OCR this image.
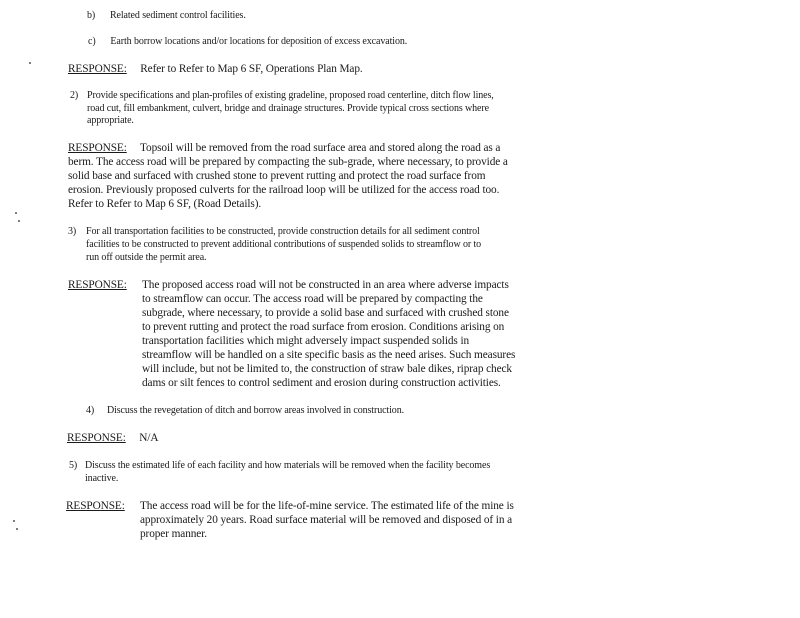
b) Related sediment control facilities.
c) Earth borrow locations and/or locations for deposition of excess excavation.
RESPONSE: Refer to Refer to Map 6 SF, Operations Plan Map.
2) Provide specifications and plan-profiles of existing gradeline, proposed road centerline, ditch flow lines,
road cut, fill embankment, culvert, bridge and drainage structures. Provide typical cross sections where
appropriate.
RESPONSE: Topsoil will be removed from the road surface area and stored along the road as a
berm. The access road will be prepared by compacting the sub-grade, where necessary, to provide a
solid base and surfaced with crushed stone to prevent rutting and protect the road surface from
erosion. Previously proposed culverts for the railroad loop will be utilized for the access road too.
Refer to Refer to Map 6 SF, (Road Details).
3) For all transportation facilities to be constructed, provide construction details for all sediment control
facilities to be constructed to prevent additional contributions of suspended solids to streamflow or to
run off outside the permit area.
RESPONSE: The proposed access road will not be constructed in an area where adverse impacts
to streamflow can occur. The access road will be prepared by compacting the
subgrade, where necessary, to provide a solid base and surfaced with crushed stone
to prevent rutting and protect the road surface from erosion. Conditions arising on
transportation facilities which might adversely impact suspended solids in
streamflow will be handled on a site specific basis as the need arises. Such measures
will include, but not be limited to, the construction of straw bale dikes, riprap check
dams or silt fences to control sediment and erosion during construction activities.
4) Discuss the revegetation of ditch and borrow areas involved in construction.
RESPONSE: N/A
5) Discuss the estimated life of each facility and how materials will be removed when the facility becomes
inactive.
RESPONSE: The access road will be for the life-of-mine service. The estimated life of the mine is
approximately 20 years. Road surface material will be removed and disposed of in a
proper manner.
